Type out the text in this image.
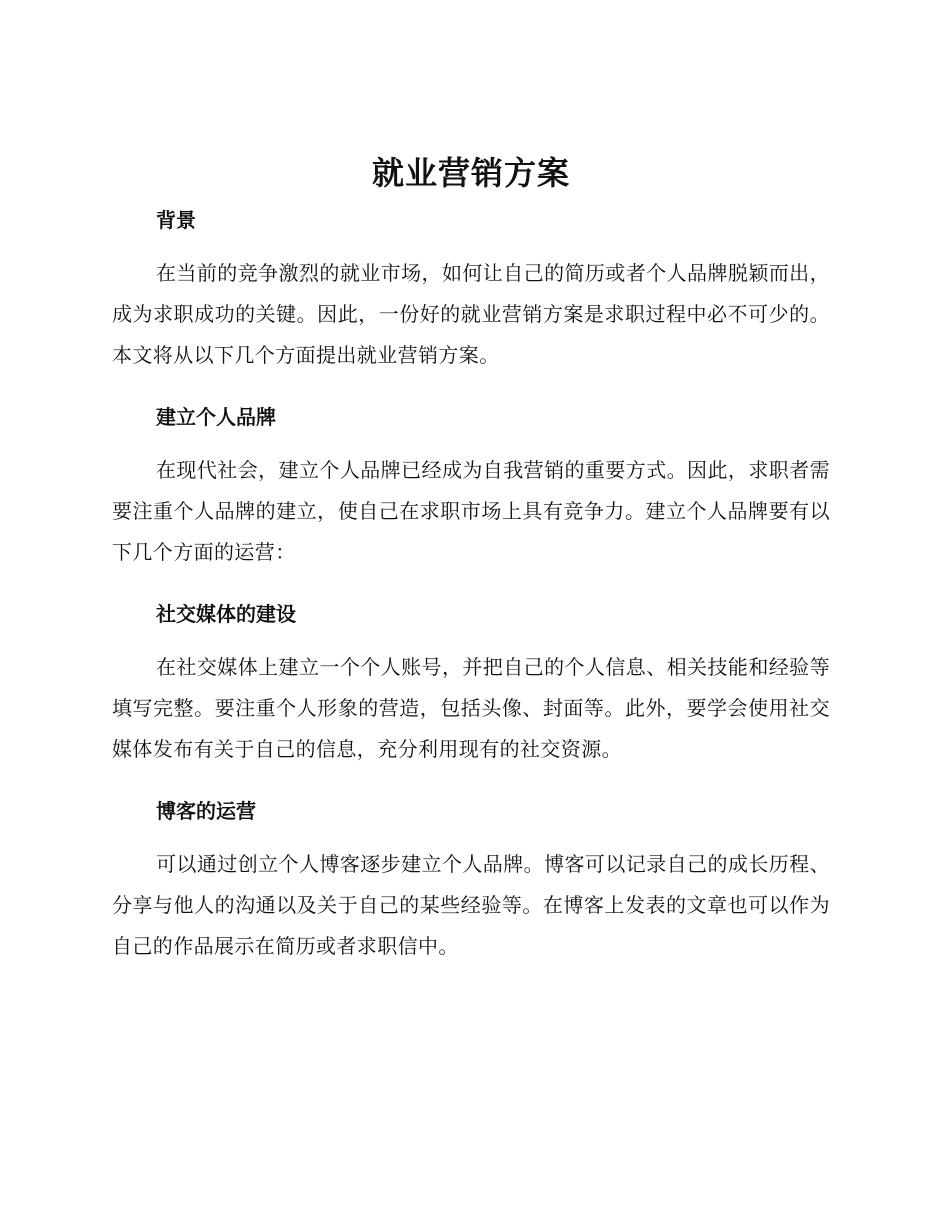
就业营销方案
背景

在当前的竞争激烈的就业市场，如何让自己的简历或者个人品牌脱颖而出，成为求职成功的关键。因此，一份好的就业营销方案是求职过程中必不可少的。本文将从以下几个方面提出就业营销方案。

建立个人品牌

在现代社会，建立个人品牌已经成为自我营销的重要方式。因此，求职者需要注重个人品牌的建立，使自己在求职市场上具有竞争力。建立个人品牌要有以下几个方面的运营：

社交媒体的建设

在社交媒体上建立一个个人账号，并把自己的个人信息、相关技能和经验等填写完整。要注重个人形象的营造，包括头像、封面等。此外，要学会使用社交媒体发布有关于自己的信息，充分利用现有的社交资源。

博客的运营

可以通过创立个人博客逐步建立个人品牌。博客可以记录自己的成长历程、分享与他人的沟通以及关于自己的某些经验等。在博客上发表的文章也可以作为自己的作品展示在简历或者求职信中。
